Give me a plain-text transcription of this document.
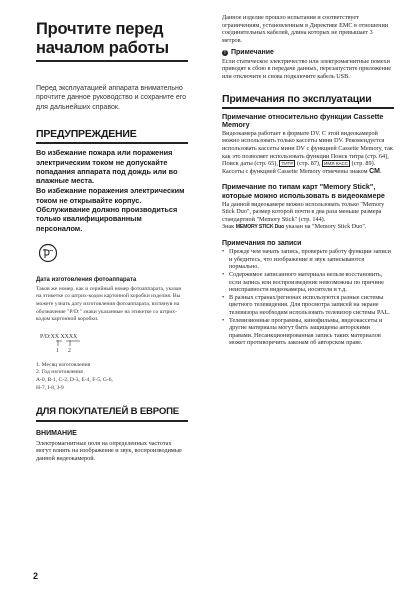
Прочтите перед
началом работы

Перед эксплуатацией аппарата внимательно прочтите данное руководство и сохраните его для дальнейших справок.

ПРЕДУПРЕЖДЕНИЕ

Во избежание пожара или поражения электрическим током не допускайте попадания аппарата под дождь или во влажные места.

Во избежание поражения электрическим током не открывайте корпус. Обслуживание должно производиться только квалифицированным персоналом.

Дата изготовления фотоаппарата

Таков же номер, как и серийный номер фотоаппарата, указан на этикетке со штрих-кодом картонной коробки изделия. Вы можете узнать дату изготовления фотоаппарата, взглянув на обозначение "P/D:" знаки указанные на этикетке со штрих-кодом картонной коробки.

P/D:XX XXXX
1 2

1. Месяц изготовления

2. Год изготовления

A-0, B-1, C-2, D-3, E-4, F-5, G-6,

H-7, I-8, J-9

ДЛЯ ПОКУПАТЕЛЕЙ В ЕВРОПЕ

ВНИМАНИЕ

Электромагнитные поля на определенных частотах могут влиять на изображение и звук, воспроизводимые данной видеокамерой.

Данное изделие прошло испытания и соответствует ограничениям, установленным в Директиве EMC в отношении соединительных кабелей, длина которых не превышает 3 метров.

! Примечание

Если статическое электричество или электромагнитные помехи приводят к сбою в передаче данных, перезапустите приложение или отключите и снова подключите кабель USB.

Примечания по эксплуатации

Примечание относительно функции Cassette Memory

Видеокамера работает в формате DV. С этой видеокамерой можно использовать только кассеты мини DV. Рекомендуется использовать кассеты мини DV с функцией Cassette Memory, так как это позволяет использовать функции Поиск титра (стр. 64), Поиск даты (стр. 65), ТИТР (стр. 87), ИМЯ КАСС (стр. 89).

Кассеты с функцией Cassette Memory отмечены знаком CM.

Примечание по типам карт "Memory Stick", которые можно использовать в видеокамере

На данной видеокамере можно использовать только "Memory Stick Duo", размер которой почти в два раза меньше размера стандартной "Memory Stick" (стр. 144).

Знак MEMORY STICK Duo указан на "Memory Stick Duo".

Примечания по записи

• Прежде чем начать запись, проверьте работу функции записи и убедитесь, что изображение и звук записываются нормально.
• Содержимое записанного материала нельзя восстановить, если запись или воспроизведение невозможны по причине неисправности видеокамеры, носителя и т.д.
• В разных странах/регионах используются разные системы цветного телевидения. Для просмотра записей на экране телевизора необходим использовать телевизор системы PAL.
• Телевизионные программы, кинофильмы, видеокассеты и другие материалы могут быть защищены авторскими правами. Несанкционированная запись таких материалов может противоречить законам об авторском праве.
2
